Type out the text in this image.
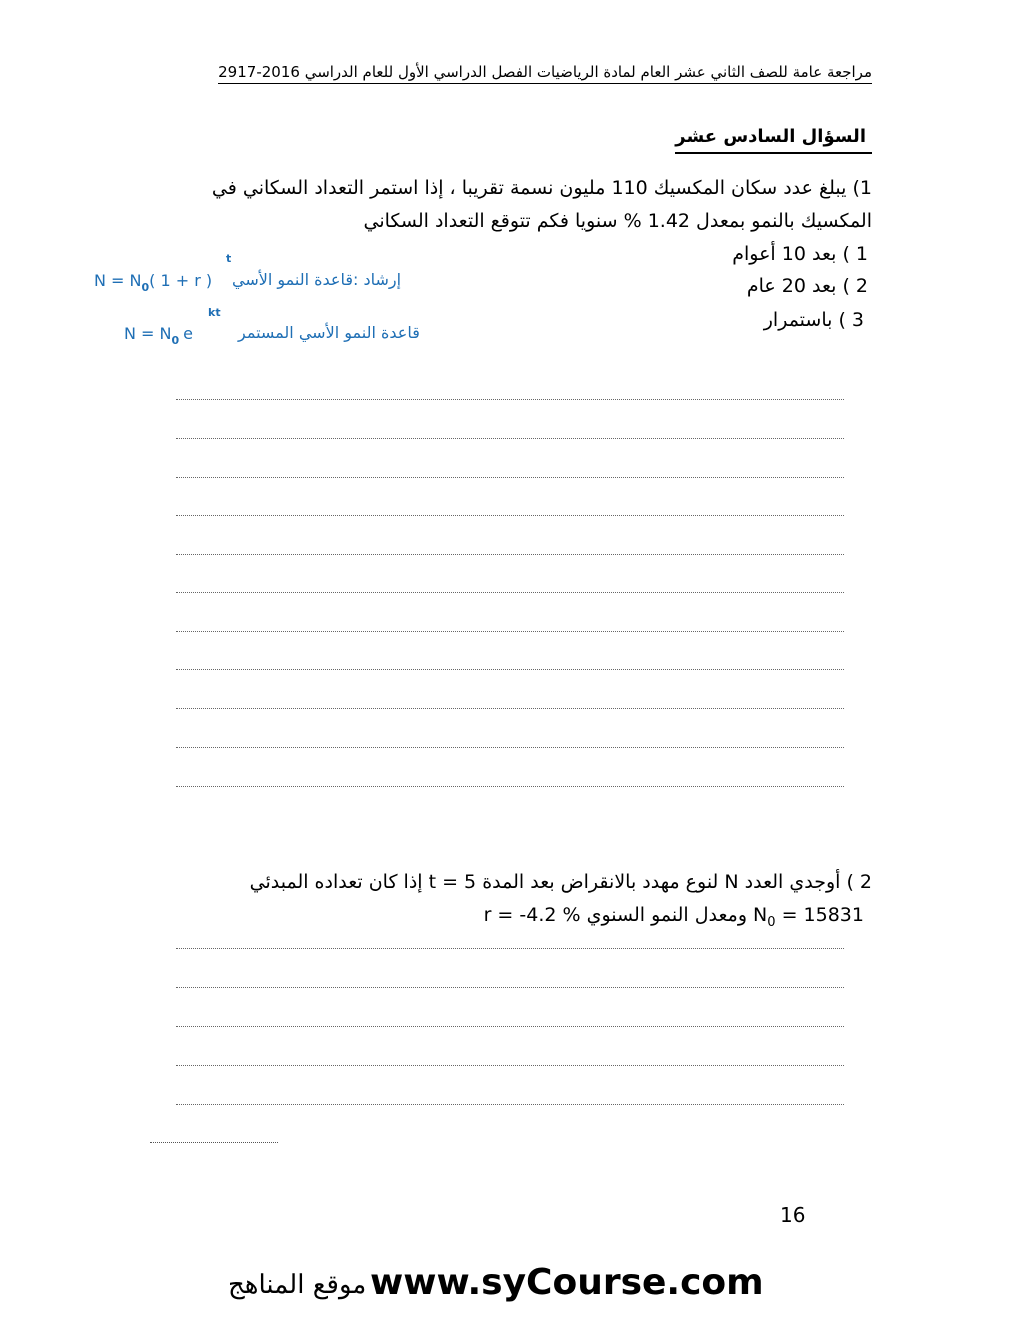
مراجعة عامة للصف الثاني عشر العام لمادة الرياضيات الفصل الدراسي الأول للعام الدراسي 2016-2917
السؤال السادس عشر

1) يبلغ عدد سكان المكسيك 110 مليون نسمة تقريبا ، إذا استمر التعداد السكاني في

المكسيك بالنمو بمعدل 1.42 % سنويا فكم تتوقع التعداد السكاني

1 ) بعد 10 أعوام
2 ) بعد 20 عام
3 ) باستمرار
$N = N_0$( 1 + r )
t
إرشاد :قاعدة النمو الأسي
$N = N_0$ e
kt
قاعدة النمو الأسي المستمر
2 ) أوجدي العدد N لنوع مهدد بالانقراض بعد المدة t = 5 إذا كان تعداده المبدئي
$N_0 = 15831$ ومعدل النمو السنوي % r = -4.2
16
www.syCourse.com
موقع المناهج
